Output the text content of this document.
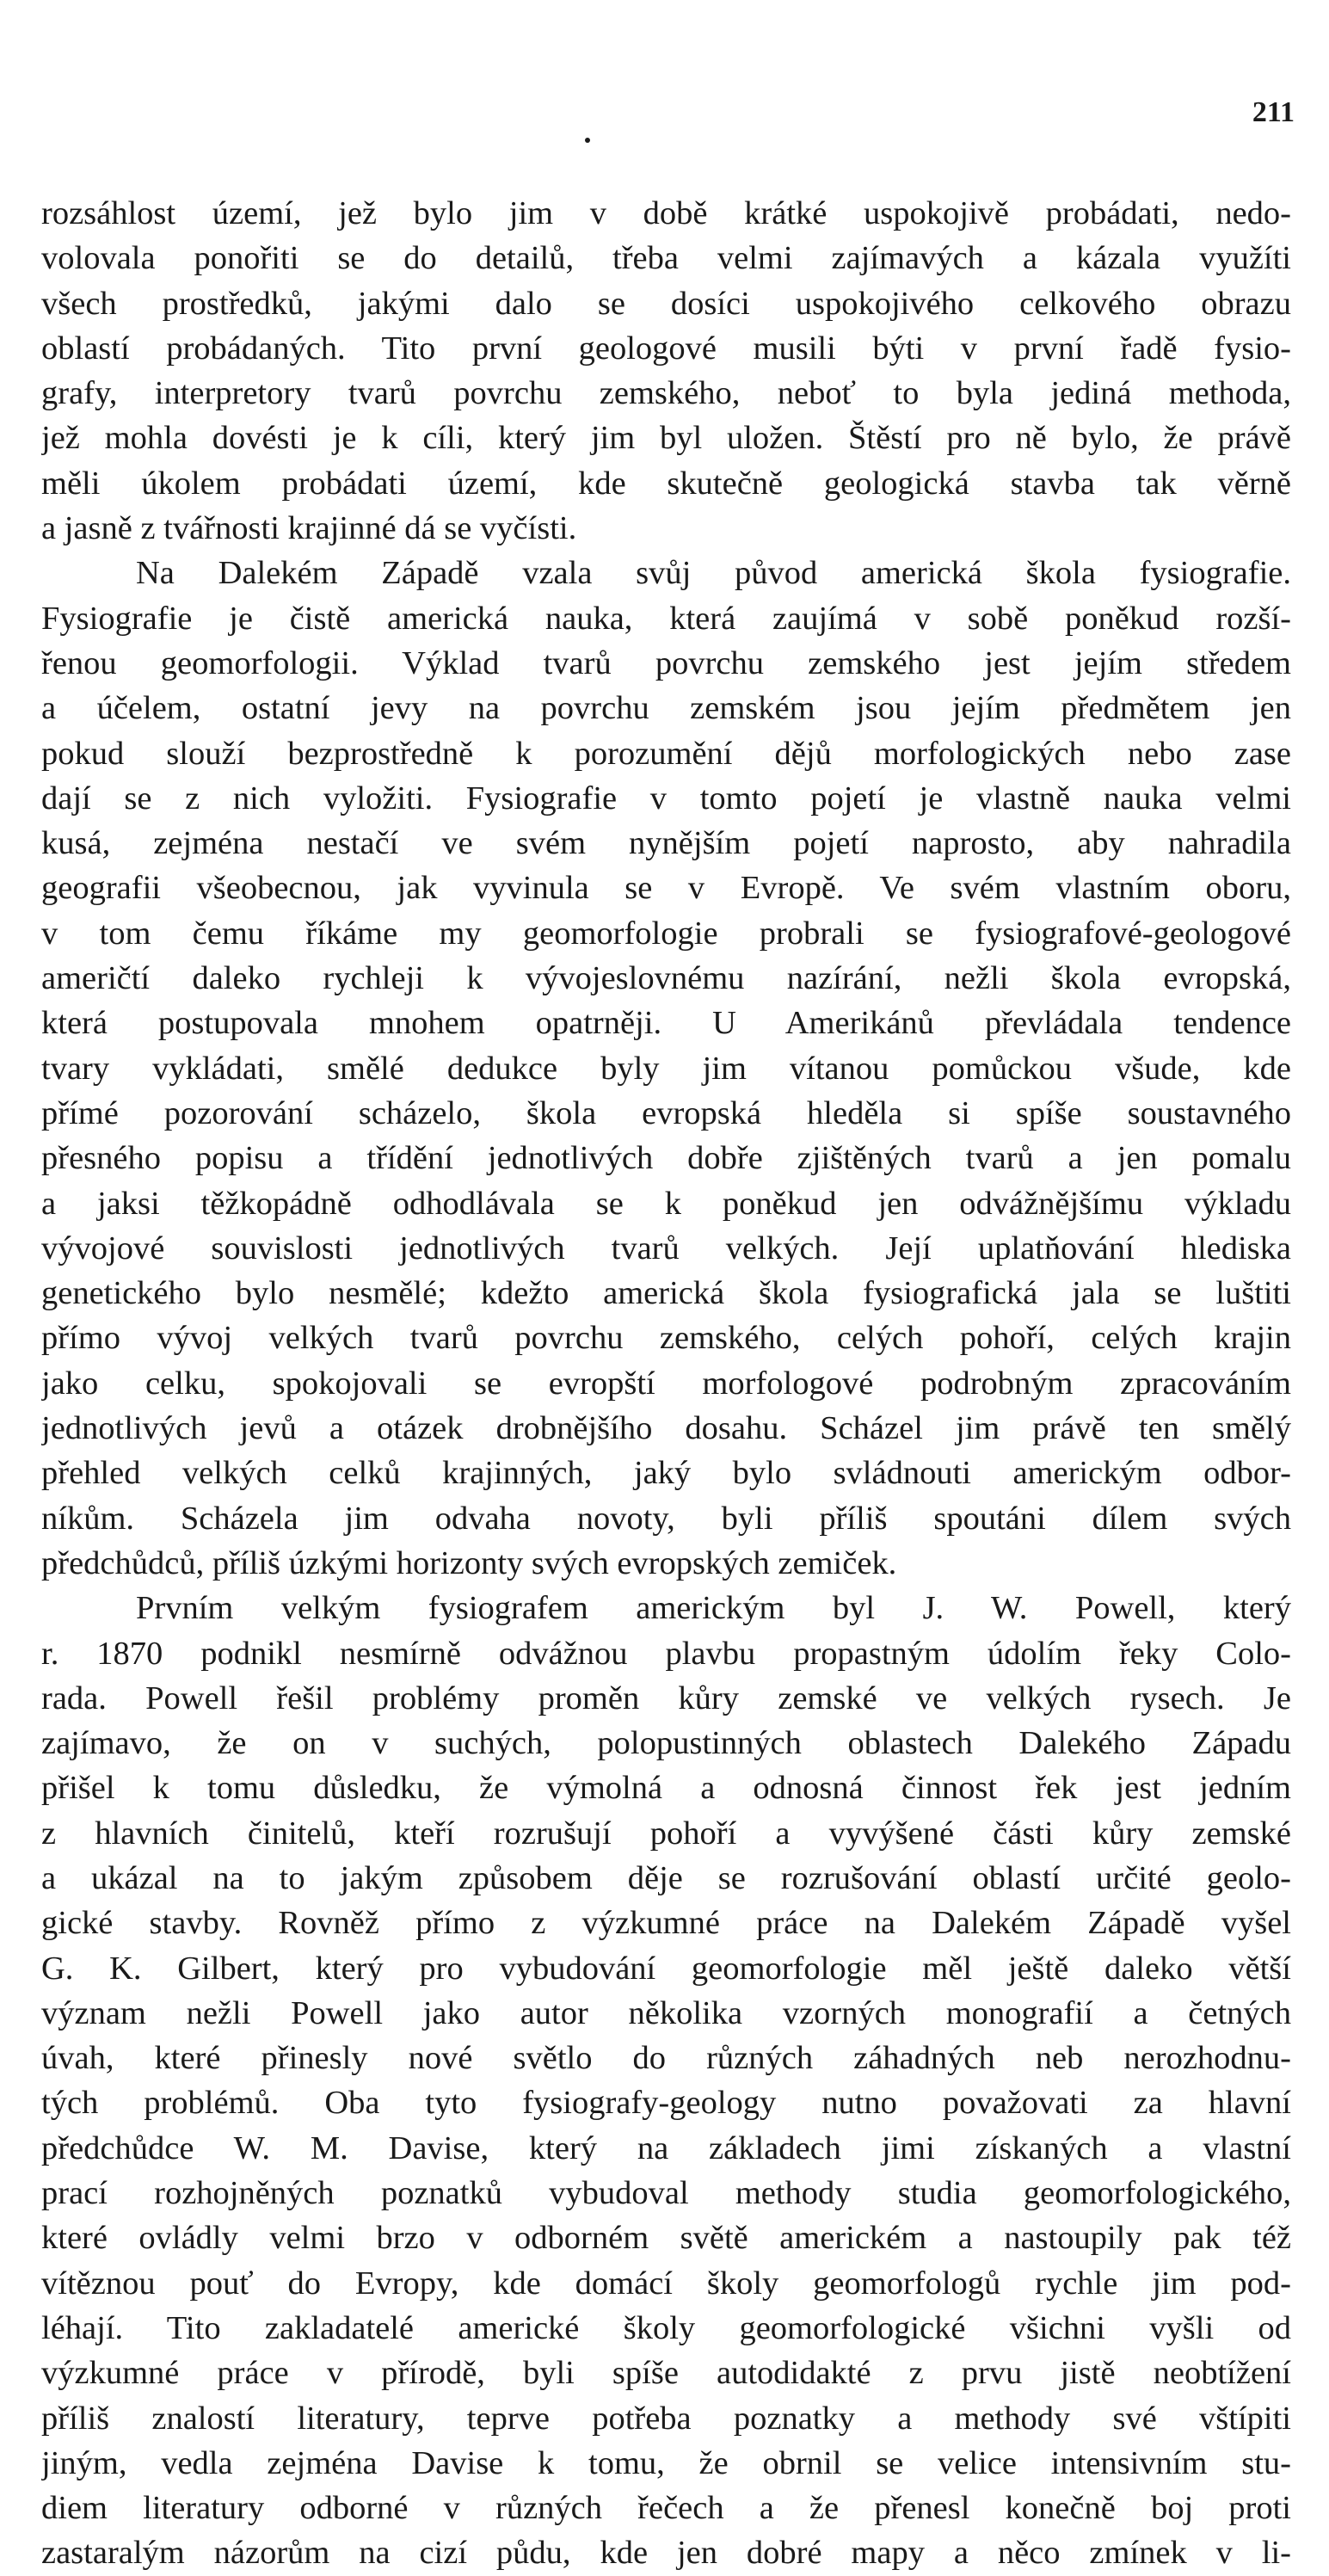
211
rozsáhlost území, jež bylo jim v době krátké uspokojivě probádati, nedo-
volovala ponořiti se do detailů, třeba velmi zajímavých a kázala využíti
všech prostředků, jakými dalo se dosíci uspokojivého celkového obrazu
oblastí probádaných. Tito první geologové musili býti v první řadě fysio-
grafy, interpretory tvarů povrchu zemského, neboť to byla jediná methoda,
jež mohla dovésti je k cíli, který jim byl uložen. Štěstí pro ně bylo, že právě
měli úkolem probádati území, kde skutečně geologická stavba tak věrně
a jasně z tvářnosti krajinné dá se vyčísti.
Na Dalekém Západě vzala svůj původ americká škola fysiografie.
Fysiografie je čistě americká nauka, která zaujímá v sobě poněkud rozší-
řenou geomorfologii. Výklad tvarů povrchu zemského jest jejím středem
a účelem, ostatní jevy na povrchu zemském jsou jejím předmětem jen
pokud slouží bezprostředně k porozumění dějů morfologických nebo zase
dají se z nich vyložiti. Fysiografie v tomto pojetí je vlastně nauka velmi
kusá, zejména nestačí ve svém nynějším pojetí naprosto, aby nahradila
geografii všeobecnou, jak vyvinula se v Evropě. Ve svém vlastním oboru,
v tom čemu říkáme my geomorfologie probrali se fysiografové-geologové
američtí daleko rychleji k vývojeslovnému nazírání, nežli škola evropská,
která postupovala mnohem opatrněji. U Amerikánů převládala tendence
tvary vykládati, smělé dedukce byly jim vítanou pomůckou všude, kde
přímé pozorování scházelo, škola evropská hleděla si spíše soustavného
přesného popisu a třídění jednotlivých dobře zjištěných tvarů a jen pomalu
a jaksi těžkopádně odhodlávala se k poněkud jen odvážnějšímu výkladu
vývojové souvislosti jednotlivých tvarů velkých. Její uplatňování hlediska
genetického bylo nesmělé; kdežto americká škola fysiografická jala se luštiti
přímo vývoj velkých tvarů povrchu zemského, celých pohoří, celých krajin
jako celku, spokojovali se evropští morfologové podrobným zpracováním
jednotlivých jevů a otázek drobnějšího dosahu. Scházel jim právě ten smělý
přehled velkých celků krajinných, jaký bylo svládnouti americkým odbor-
níkům. Scházela jim odvaha novoty, byli příliš spoutáni dílem svých
předchůdců, příliš úzkými horizonty svých evropských zemiček.
Prvním velkým fysiografem americkým byl J. W. Powell, který
r. 1870 podnikl nesmírně odvážnou plavbu propastným údolím řeky Colo-
rada. Powell řešil problémy proměn kůry zemské ve velkých rysech. Je
zajímavo, že on v suchých, polopustinných oblastech Dalekého Západu
přišel k tomu důsledku, že výmolná a odnosná činnost řek jest jedním
z hlavních činitelů, kteří rozrušují pohoří a vyvýšené části kůry zemské
a ukázal na to jakým způsobem děje se rozrušování oblastí určité geolo-
gické stavby. Rovněž přímo z výzkumné práce na Dalekém Západě vyšel
G. K. Gilbert, který pro vybudování geomorfologie měl ještě daleko větší
význam nežli Powell jako autor několika vzorných monografií a četných
úvah, které přinesly nové světlo do různých záhadných neb nerozhodnu-
tých problémů. Oba tyto fysiografy-geology nutno považovati za hlavní
předchůdce W. M. Davise, který na základech jimi získaných a vlastní
prací rozhojněných poznatků vybudoval methody studia geomorfologického,
které ovládly velmi brzo v odborném světě americkém a nastoupily pak též
vítěznou pouť do Evropy, kde domácí školy geomorfologů rychle jim pod-
léhají. Tito zakladatelé americké školy geomorfologické všichni vyšli od
výzkumné práce v přírodě, byli spíše autodidakté z prvu jistě neobtížení
příliš znalostí literatury, teprve potřeba poznatky a methody své vštípiti
jiným, vedla zejména Davise k tomu, že obrnil se velice intensivním stu-
diem literatury odborné v různých řečech a že přenesl konečně boj proti
zastaralým názorům na cizí půdu, kde jen dobré mapy a něco zmínek v li-
